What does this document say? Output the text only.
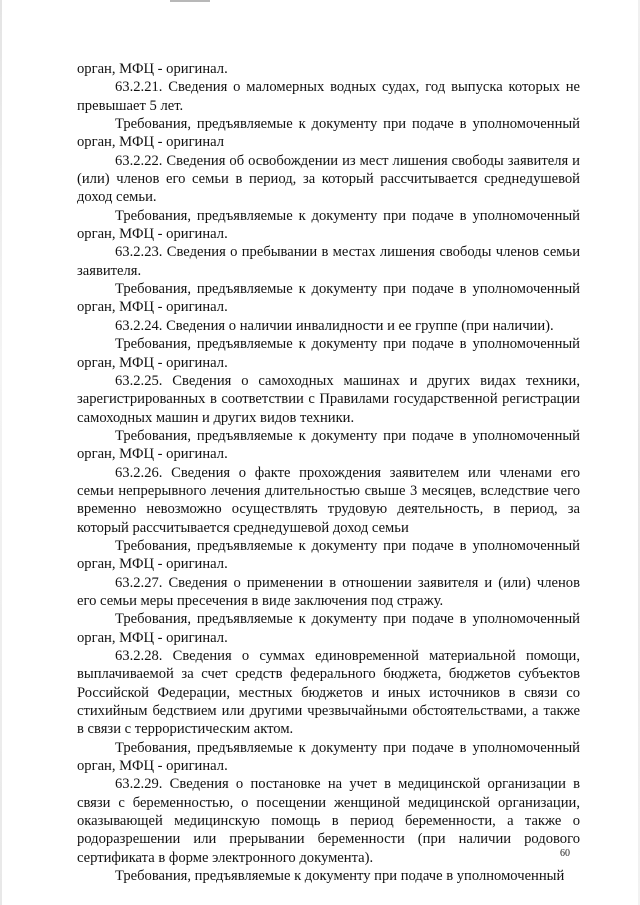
орган, МФЦ - оригинал.

63.2.21. Сведения о маломерных водных судах, год выпуска которых не превышает 5 лет.

Требования, предъявляемые к документу при подаче в уполномоченный орган, МФЦ - оригинал

63.2.22. Сведения об освобождении из мест лишения свободы заявителя и (или) членов его семьи в период, за который рассчитывается среднедушевой доход семьи.

Требования, предъявляемые к документу при подаче в уполномоченный орган, МФЦ - оригинал.

63.2.23. Сведения о пребывании в местах лишения свободы членов семьи заявителя.

Требования, предъявляемые к документу при подаче в уполномоченный орган, МФЦ - оригинал.

63.2.24. Сведения о наличии инвалидности и ее группе (при наличии).

Требования, предъявляемые к документу при подаче в уполномоченный орган, МФЦ - оригинал.

63.2.25. Сведения о самоходных машинах и других видах техники, зарегистрированных в соответствии с Правилами государственной регистрации самоходных машин и других видов техники.

Требования, предъявляемые к документу при подаче в уполномоченный орган, МФЦ - оригинал.

63.2.26. Сведения о факте прохождения заявителем или членами его семьи непрерывного лечения длительностью свыше 3 месяцев, вследствие чего временно невозможно осуществлять трудовую деятельность, в период, за который рассчитывается среднедушевой доход семьи

Требования, предъявляемые к документу при подаче в уполномоченный орган, МФЦ - оригинал.

63.2.27. Сведения о применении в отношении заявителя и (или) членов его семьи меры пресечения в виде заключения под стражу.

Требования, предъявляемые к документу при подаче в уполномоченный орган, МФЦ - оригинал.

63.2.28. Сведения о суммах единовременной материальной помощи, выплачиваемой за счет средств федерального бюджета, бюджетов субъектов Российской Федерации, местных бюджетов и иных источников в связи со стихийным бедствием или другими чрезвычайными обстоятельствами, а также в связи с террористическим актом.

Требования, предъявляемые к документу при подаче в уполномоченный орган, МФЦ - оригинал.

63.2.29. Сведения о постановке на учет в медицинской организации в связи с беременностью, о посещении женщиной медицинской организации, оказывающей медицинскую помощь в период беременности, а также о родоразрешении или прерывании беременности (при наличии родового сертификата в форме электронного документа).

Требования, предъявляемые к документу при подаче в уполномоченный

60
